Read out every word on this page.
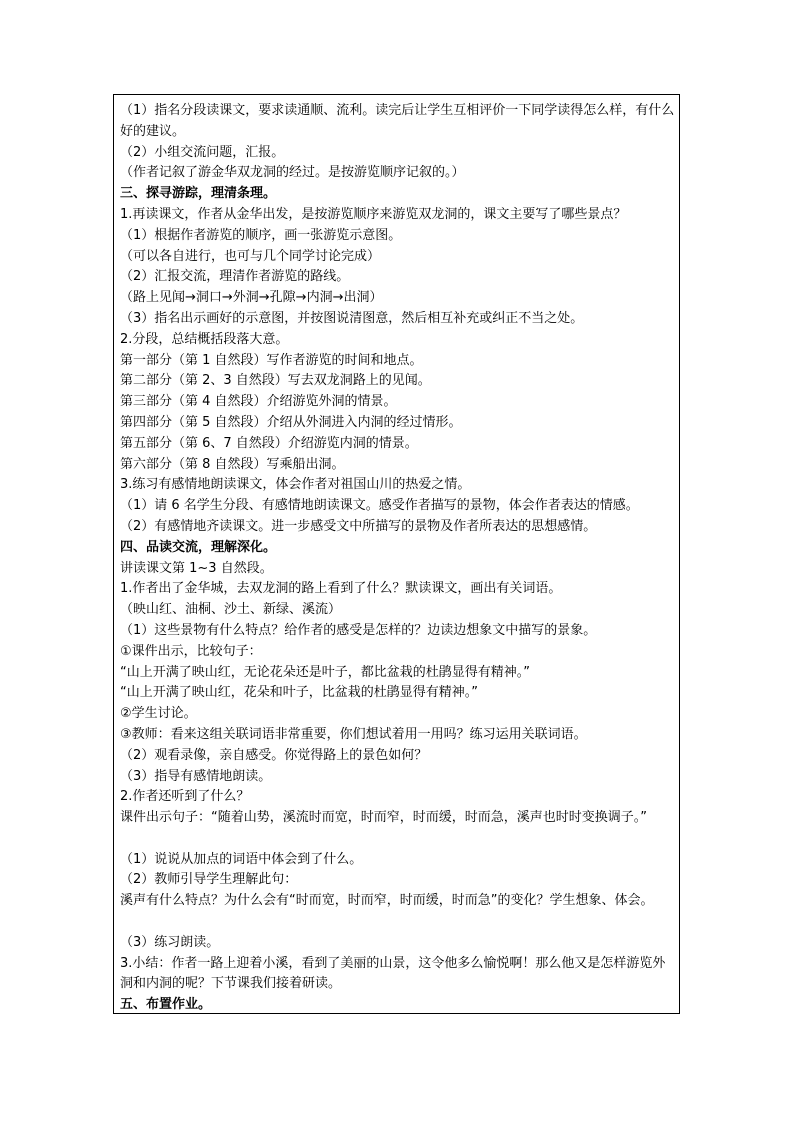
（1）指名分段读课文，要求读通顺、流利。读完后让学生互相评价一下同学读得怎么样，有什么好的建议。
（2）小组交流问题，汇报。
（作者记叙了游金华双龙洞的经过。是按游览顺序记叙的。）
三、探寻游踪，理清条理。
1.再读课文，作者从金华出发，是按游览顺序来游览双龙洞的，课文主要写了哪些景点？
（1）根据作者游览的顺序，画一张游览示意图。
（可以各自进行，也可与几个同学讨论完成）
（2）汇报交流，理清作者游览的路线。
（路上见闻→洞口→外洞→孔隙→内洞→出洞）
（3）指名出示画好的示意图，并按图说清图意，然后相互补充或纠正不当之处。
2.分段，总结概括段落大意。
第一部分（第 1 自然段）写作者游览的时间和地点。
第二部分（第 2、3 自然段）写去双龙洞路上的见闻。
第三部分（第 4 自然段）介绍游览外洞的情景。
第四部分（第 5 自然段）介绍从外洞进入内洞的经过情形。
第五部分（第 6、7 自然段）介绍游览内洞的情景。
第六部分（第 8 自然段）写乘船出洞。
3.练习有感情地朗读课文，体会作者对祖国山川的热爱之情。
（1）请 6 名学生分段、有感情地朗读课文。感受作者描写的景物，体会作者表达的情感。
（2）有感情地齐读课文。进一步感受文中所描写的景物及作者所表达的思想感情。
四、品读交流，理解深化。
讲读课文第 1~3 自然段。
1.作者出了金华城，去双龙洞的路上看到了什么？默读课文，画出有关词语。
（映山红、油桐、沙土、新绿、溪流）
（1）这些景物有什么特点？给作者的感受是怎样的？边读边想象文中描写的景象。
①课件出示，比较句子：
“山上开满了映山红，无论花朵还是叶子，都比盆栽的杜鹃显得有精神。”
“山上开满了映山红，花朵和叶子，比盆栽的杜鹃显得有精神。”
②学生讨论。
③教师：看来这组关联词语非常重要，你们想试着用一用吗？练习运用关联词语。
（2）观看录像，亲自感受。你觉得路上的景色如何？
（3）指导有感情地朗读。
2.作者还听到了什么？
课件出示句子：“随着山势，溪流时而宽，时而窄，时而缓，时而急，溪声也时时变换调子。”
（1）说说从加点的词语中体会到了什么。
（2）教师引导学生理解此句：
溪声有什么特点？为什么会有“时而宽，时而窄，时而缓，时而急”的变化？学生想象、体会。
（3）练习朗读。
3.小结：作者一路上迎着小溪，看到了美丽的山景，这令他多么愉悦啊！那么他又是怎样游览外洞和内洞的呢？下节课我们接着研读。
五、布置作业。
